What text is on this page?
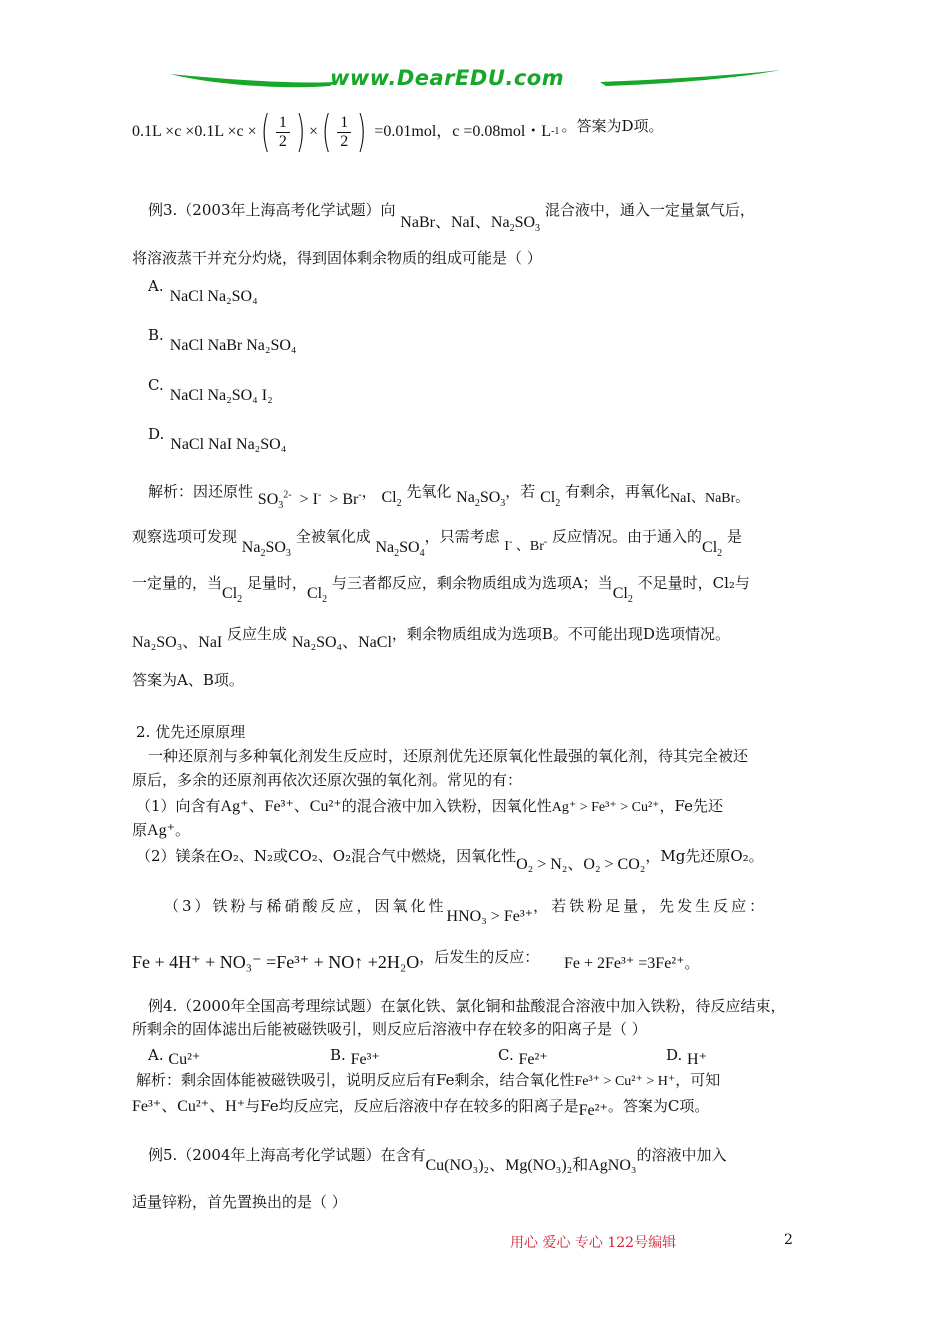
www.DearEDU.com
0.1L ×c ×0.1L ×c × ( $\frac{1}{2}$ ) × ( $\frac{1}{2}$ )
=0.01mol，c =0.08mol・L -1 。答案为D项。
例3.（2003年上海高考化学试题）向 NaBr、NaI、$Na_2SO_3$ 混合液中，通入一定量氯气后，
将溶液蒸干并充分灼烧，得到固体剩余物质的组成可能是（ ）
A.NaCl Na₂SO₄
B.NaCl NaBr Na₂SO₄
C.NaCl Na₂SO₄ I₂
D.NaCl NaI Na₂SO₄
解析：因还原性 $SO_3^{2-} > I^- > Br^-$， $Cl_2$ 先氧化 $Na_2SO_3$，若 $Cl_2$ 有剩余，再氧化NaI、NaBr。
观察选项可发现 $Na_2SO_3$ 全被氧化成 $Na_2SO_4$，只需考虑 I- 、Br- 反应情况。由于通入的$Cl_2$ 是
一定量的，当$Cl_2$ 足量时，$Cl_2$ 与三者都反应，剩余物质组成为选项A；当$Cl_2$ 不足量时，Cl₂与
Na₂SO₃、NaI 反应生成 Na₂SO₄、NaCl，剩余物质组成为选项B。不可能出现D选项情况。
答案为A、B项。
2. 优先还原原理
一种还原剂与多种氧化剂发生反应时，还原剂优先还原氧化性最强的氧化剂，待其完全被还
原后，多余的还原剂再依次还原次强的氧化剂。常见的有：
（1）向含有Ag⁺、Fe³⁺、Cu²⁺的混合液中加入铁粉，因氧化性Ag⁺ > Fe³⁺ > Cu²⁺，Fe先还
原Ag⁺。
（2）镁条在O₂、N₂或CO₂、O₂混合气中燃烧，因氧化性O₂ > N₂、O₂ > CO₂，Mg先还原O₂。
（3）铁粉与稀硝酸反应，因氧化性HNO₃ > Fe³⁺，若铁粉足量，先发生反应：
Fe + 4H⁺ + NO₃⁻ =Fe³⁺ + NO↑ +2H₂O，后发生的反应： Fe + 2Fe³⁺ =3Fe²⁺。
例4.（2000年全国高考理综试题）在氯化铁、氯化铜和盐酸混合溶液中加入铁粉，待反应结束，
所剩余的固体滤出后能被磁铁吸引，则反应后溶液中存在较多的阳离子是（ ）
A. Cu²⁺	B. Fe³⁺	C. Fe²⁺	D. H⁺
解析：剩余固体能被磁铁吸引，说明反应后有Fe剩余，结合氧化性Fe³⁺ > Cu²⁺ > H⁺，可知
Fe³⁺、Cu²⁺、H⁺与Fe均反应完，反应后溶液中存在较多的阳离子是Fe²⁺。答案为C项。
例5.（2004年上海高考化学试题）在含有Cu(NO₃)₂、Mg(NO₃)₂和AgNO₃的溶液中加入
适量锌粉，首先置换出的是（ ）
用心 爱心 专心 122号编辑	2
